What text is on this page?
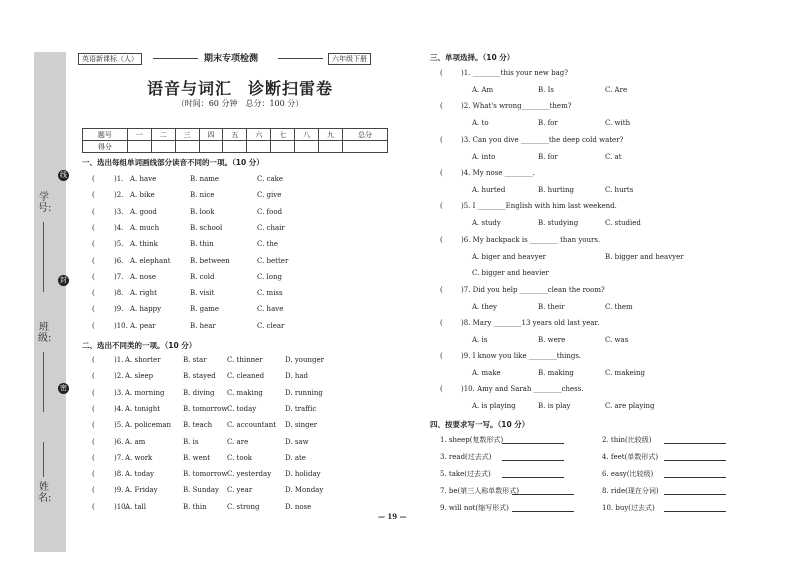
学号:
班级:
姓名:
线
封
密
英语新课标（人）	期末专项检测	六年级下册
语音与词汇 诊断扫雷卷
（时间：60 分钟　总分：100 分）
题号	一	二	三	四	五	六	七	八	九	总分
得分										
一、选出每组单词画线部分读音不同的一项。（10 分）
(	)1. A. have	B. name	C. cake
(	)2. A. bike	B. nice	C. give
(	)3. A. good	B. look	C. food
(	)4. A. much	B. school	C. chair
(	)5. A. think	B. thin	C. the
(	)6. A. elephant	B. between	C. better
(	)7. A. nose	B. cold	C. long
(	)8. A. right	B. visit	C. miss
(	)9. A. happy	B. game	C. have
(	)10. A. pear	B. hear	C. clear
二、选出不同类的一项。（10 分）
(	)1. A. shorter	B. star	C. thinner	D. younger
(	)2. A. sleep	B. stayed C. cleaned	D. had
(	)3. A. morning	B. diving C. making	D. running
(	)4. A. tonight	B. tomorrow C. today	D. traffic
(	)5. A. policeman B. teach C. accountant D. singer
(	)6. A. am	B. is	C. are	D. saw
(	)7. A. work	B. went C. took	D. ate
(	)8. A. today	B. tomorrow C. yesterday D. holiday
(	)9. A. Friday	B. Sunday C. year	D. Monday
(	)10.
A. tall	B. thin	C. strong	D. nose
三、单项选择。（10 分）
(	)1. ________this your new bag?
A. Am	B. Is	C. Are
(	)2. What's wrong________them?
A. to	B. for	C. with
(	)3. Can you dive ________the deep cold water?
A. into	B. for	C. at
(	)4. My nose ________.
A. hurted	B. hurting	C. hurts
(	)5. I ________English with him last weekend.
A. study	B. studying	C. studied
(	)6. My backpack is ________ than yours.
A. biger and heavyer	B. bigger and heavyer
C. bigger and heavier
(	)7. Did you help ________clean the room?
A. they	B. their	C. them
(	)8. Mary ________13 years old last year.
A. is	B. were	C. was
(	)9. I know you like ________things.
A. make	B. making	C. makeing
(	)10. Amy and Sarah ________chess.
A. is playing	B. is play	C. are playing
四、按要求写一写。（10 分）
1. sheep(复数形式)	2. thin(比较级)
3. read(过去式)	4. feet(单数形式)
5. take(过去式)	6. easy(比较级)
7. be(第三人称单数形式)	8. ride(现在分词)
9. will not(缩写形式)	10. buy(过去式)
— 19 —
